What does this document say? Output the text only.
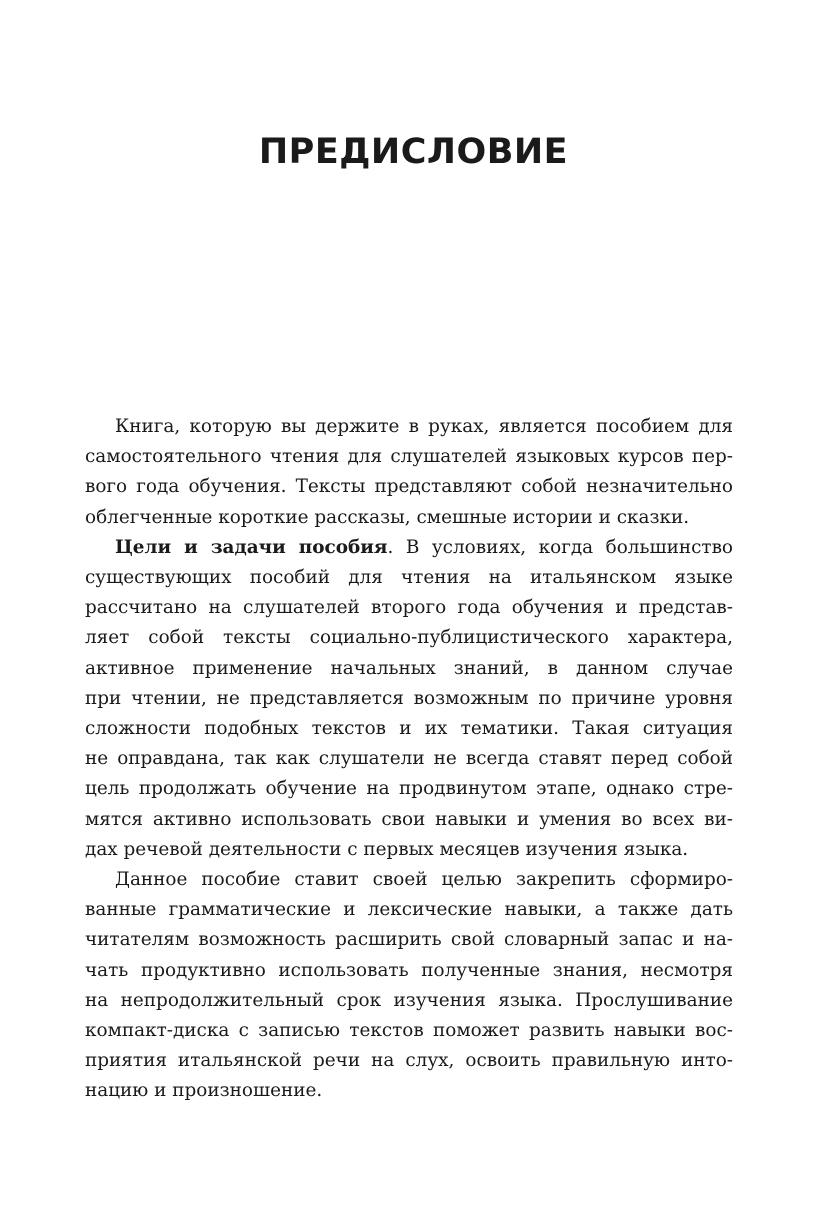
ПРЕДИСЛОВИЕ
Книга, которую вы держите в руках, является пособием для
самостоятельного чтения для слушателей языковых курсов пер-
вого года обучения. Тексты представляют собой незначительно
облегченные короткие рассказы, смешные истории и сказки.
Цели и задачи пособия. В условиях, когда большинство
существующих пособий для чтения на итальянском языке
рассчитано на слушателей второго года обучения и представ-
ляет собой тексты социально-публицистического характера,
активное применение начальных знаний, в данном случае
при чтении, не представляется возможным по причине уровня
сложности подобных текстов и их тематики. Такая ситуация
не оправдана, так как слушатели не всегда ставят перед собой
цель продолжать обучение на продвинутом этапе, однако стре-
мятся активно использовать свои навыки и умения во всех ви-
дах речевой деятельности с первых месяцев изучения языка.
Данное пособие ставит своей целью закрепить сформиро-
ванные грамматические и лексические навыки, а также дать
читателям возможность расширить свой словарный запас и на-
чать продуктивно использовать полученные знания, несмотря
на непродолжительный срок изучения языка. Прослушивание
компакт-диска с записью текстов поможет развить навыки вос-
приятия итальянской речи на слух, освоить правильную инто-
нацию и произношение.
